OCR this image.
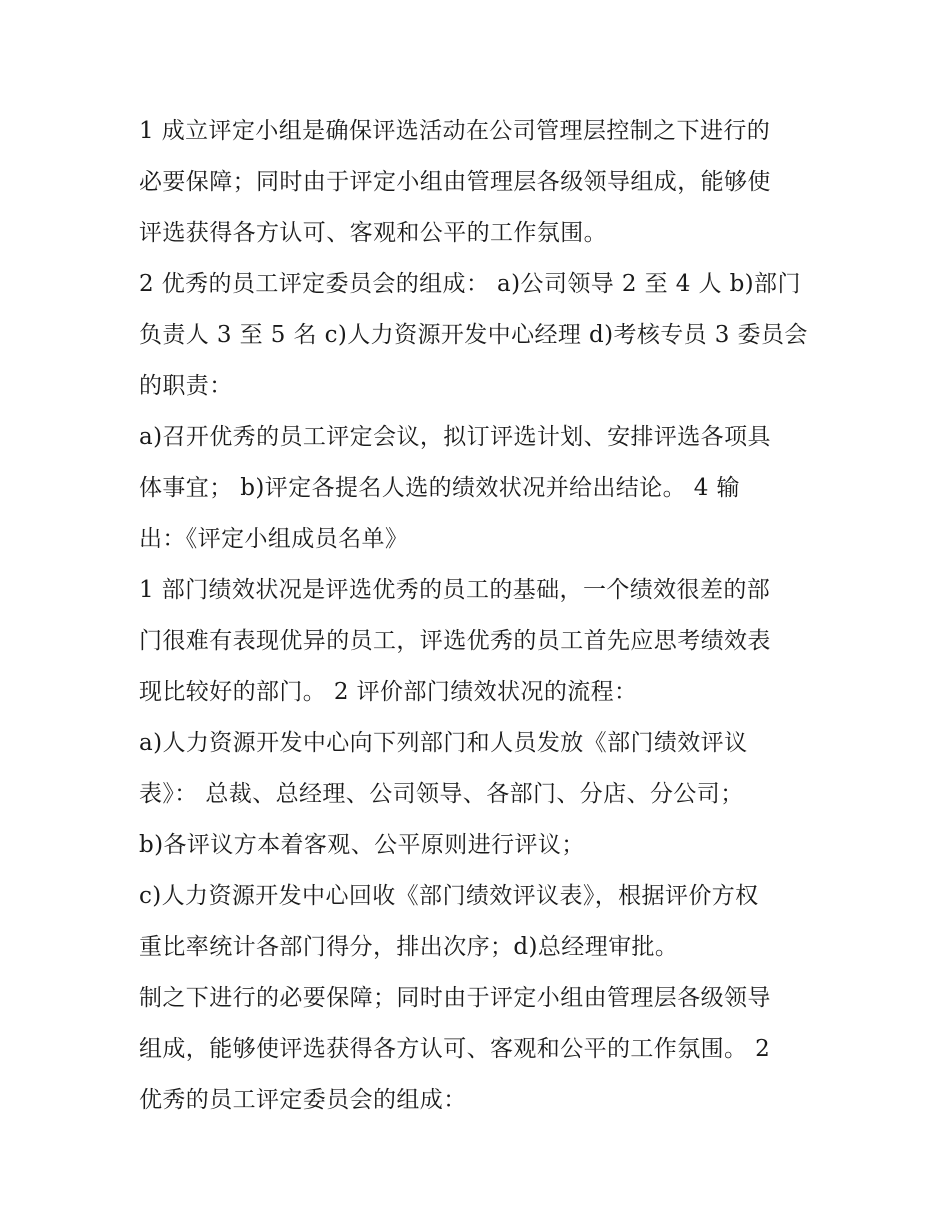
1 成立评定小组是确保评选活动在公司管理层控制之下进行的
必要保障；同时由于评定小组由管理层各级领导组成，能够使
评选获得各方认可、客观和公平的工作氛围。
2 优秀的员工评定委员会的组成： a)公司领导 2 至 4 人 b)部门
负责人 3 至 5 名 c)人力资源开发中心经理 d)考核专员 3 委员会
的职责：
a)召开优秀的员工评定会议，拟订评选计划、安排评选各项具
体事宜； b)评定各提名人选的绩效状况并给出结论。 4 输
出：《评定小组成员名单》
1 部门绩效状况是评选优秀的员工的基础，一个绩效很差的部
门很难有表现优异的员工，评选优秀的员工首先应思考绩效表
现比较好的部门。 2 评价部门绩效状况的流程：
a)人力资源开发中心向下列部门和人员发放《部门绩效评议
表》： 总裁、总经理、公司领导、各部门、分店、分公司；
b)各评议方本着客观、公平原则进行评议；
c)人力资源开发中心回收《部门绩效评议表》，根据评价方权
重比率统计各部门得分，排出次序；d)总经理审批。
制之下进行的必要保障；同时由于评定小组由管理层各级领导
组成，能够使评选获得各方认可、客观和公平的工作氛围。 2
优秀的员工评定委员会的组成：
